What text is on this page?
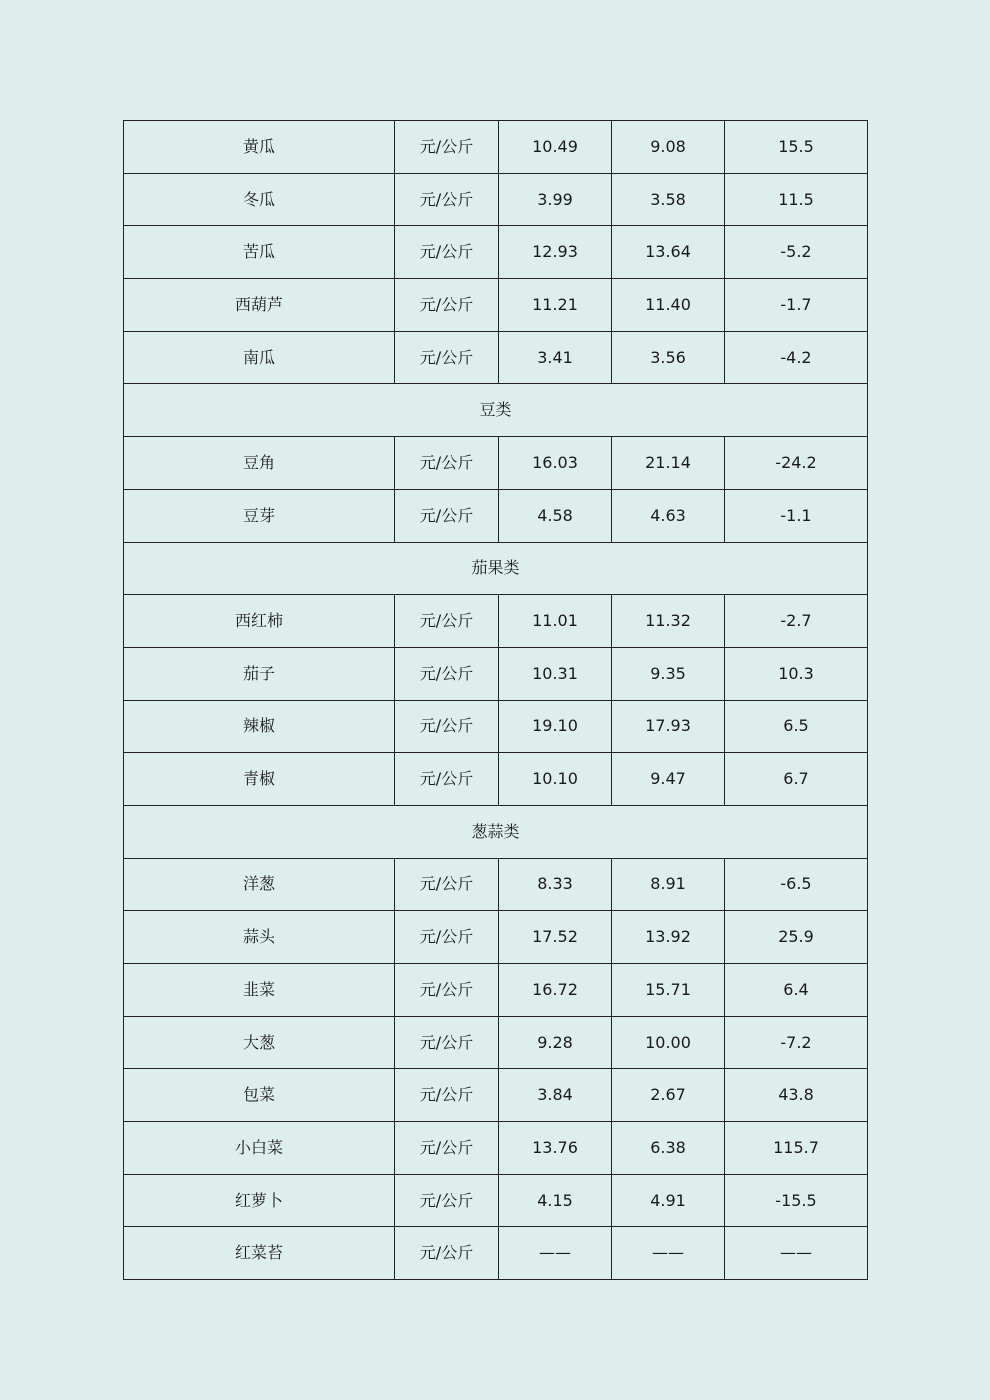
黄瓜	元/公斤	10.49	9.08	15.5
冬瓜	元/公斤	3.99	3.58	11.5
苦瓜	元/公斤	12.93	13.64	-5.2
西葫芦	元/公斤	11.21	11.40	-1.7
南瓜	元/公斤	3.41	3.56	-4.2
豆类				
豆角	元/公斤	16.03	21.14	-24.2
豆芽	元/公斤	4.58	4.63	-1.1
茄果类				
西红柿	元/公斤	11.01	11.32	-2.7
茄子	元/公斤	10.31	9.35	10.3
辣椒	元/公斤	19.10	17.93	6.5
青椒	元/公斤	10.10	9.47	6.7
葱蒜类				
洋葱	元/公斤	8.33	8.91	-6.5
蒜头	元/公斤	17.52	13.92	25.9
韭菜	元/公斤	16.72	15.71	6.4
大葱	元/公斤	9.28	10.00	-7.2
包菜	元/公斤	3.84	2.67	43.8
小白菜	元/公斤	13.76	6.38	115.7
红萝卜	元/公斤	4.15	4.91	-15.5
红菜苔	元/公斤	——	——	——
